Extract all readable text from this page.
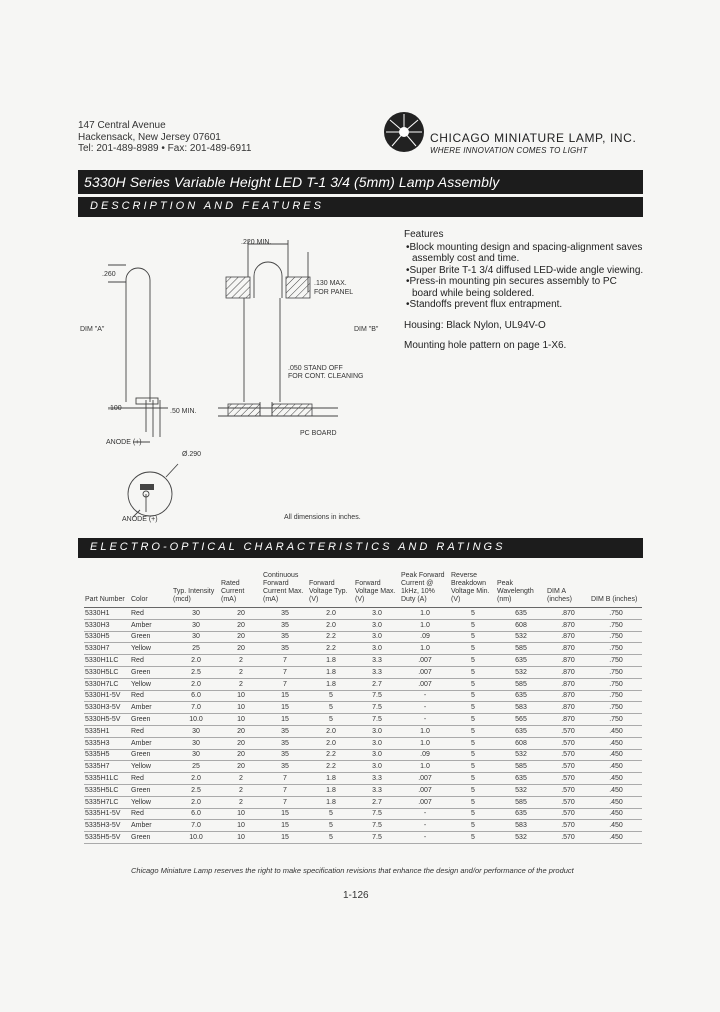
147 Central Avenue
Hackensack, New Jersey 07601
Tel: 201-489-8989 • Fax: 201-489-6911
CHICAGO MINIATURE LAMP, INC.
WHERE INNOVATION COMES TO LIGHT
5330H Series Variable Height LED T-1 3/4 (5mm) Lamp Assembly
DESCRIPTION AND FEATURES
.220 MIN.
.260
.130 MAX.
FOR PANEL
DIM "A"	DIM "B"
.050 STAND OFF
FOR CONT. CLEANING
.100	.50 MIN.
ANODE (+)
PC BOARD
Ø.290
ANODE (+)	All dimensions in inches.
Features
• Block mounting design and spacing-alignment saves assembly cost and time.
• Super Brite T-1 3/4 diffused LED-wide angle viewing.
• Press-in mounting pin secures assembly to PC board while being soldered.
• Standoffs prevent flux entrapment.

Housing: Black Nylon, UL94V-O

Mounting hole pattern on page 1-X6.

ELECTRO-OPTICAL CHARACTERISTICS AND RATINGS
Part Number	Color	Typ. Intensity (mcd)	Rated Current (mA)	Continuous Forward Current Max. (mA)	Forward Voltage Typ. (V)	Forward Voltage Max. (V)	Peak Forward Current @ 1kHz, 10% Duty (A)	Reverse Breakdown Voltage Min. (V)	Peak Wavelength (nm)	DIM A (inches)	DIM B (inches)
5330H1	Red	30	20	35	2.0	3.0	1.0	5	635	.870	.750
5330H3	Amber	30	20	35	2.0	3.0	1.0	5	608	.870	.750
5330H5	Green	30	20	35	2.2	3.0	.09	5	532	.870	.750
5330H7	Yellow	25	20	35	2.2	3.0	1.0	5	585	.870	.750
5330H1LC	Red	2.0	2	7	1.8	3.3	.007	5	635	.870	.750
5330H5LC	Green	2.5	2	7	1.8	3.3	.007	5	532	.870	.750
5330H7LC	Yellow	2.0	2	7	1.8	2.7	.007	5	585	.870	.750
5330H1-5V	Red	6.0	10	15	5	7.5	-	5	635	.870	.750
5330H3-5V	Amber	7.0	10	15	5	7.5	-	5	583	.870	.750
5330H5-5V	Green	10.0	10	15	5	7.5	-	5	565	.870	.750
5335H1	Red	30	20	35	2.0	3.0	1.0	5	635	.570	.450
5335H3	Amber	30	20	35	2.0	3.0	1.0	5	608	.570	.450
5335H5	Green	30	20	35	2.2	3.0	.09	5	532	.570	.450
5335H7	Yellow	25	20	35	2.2	3.0	1.0	5	585	.570	.450
5335H1LC	Red	2.0	2	7	1.8	3.3	.007	5	635	.570	.450
5335H5LC	Green	2.5	2	7	1.8	3.3	.007	5	532	.570	.450
5335H7LC	Yellow	2.0	2	7	1.8	2.7	.007	5	585	.570	.450
5335H1-5V	Red	6.0	10	15	5	7.5	-	5	635	.570	.450
5335H3-5V	Amber	7.0	10	15	5	7.5	-	5	583	.570	.450
5335H5-5V	Green	10.0	10	15	5	7.5	-	5	532	.570	.450
Chicago Miniature Lamp reserves the right to make specification revisions that enhance the design and/or performance of the product
1-126
